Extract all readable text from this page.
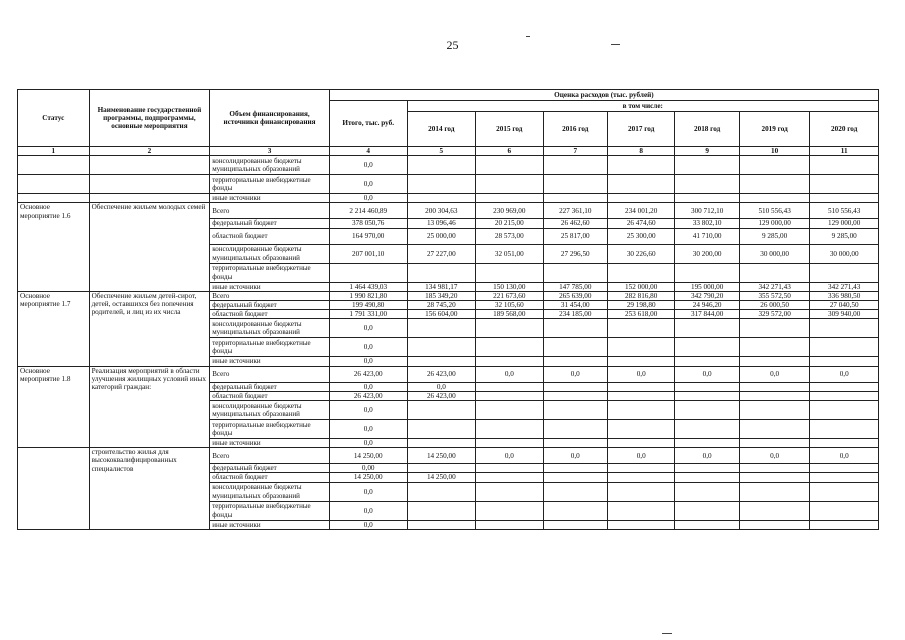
25
Статус	Наименование государственной программы, подпрограммы, основные мероприятия	Объем финансирования, источники финансирования	Оценка расходов (тыс. рублей)							
			Итого, тыс. руб.	в том числе:						
				2014 год	2015 год	2016 год	2017 год	2018 год	2019 год	2020 год
1	2	3	4	5	6	7	8	9	10	11
		консолидированные бюджеты муниципальных образований	0,0							
		территориальные внебюджетные фонды	0,0							
		иные источники	0,0							
Основное мероприятие 1.6	Обеспечение жильем молодых семей	Всего	2 214 460,89	200 304,63	230 969,00	227 361,10	234 001,20	300 712,10	510 556,43	510 556,43
		федеральный бюджет	378 050,76	13 096,46	20 215,00	26 462,60	26 474,60	33 802,10	129 000,00	129 000,00
		областной бюджет	164 970,00	25 000,00	28 573,00	25 817,00	25 300,00	41 710,00	9 285,00	9 285,00
		консолидированные бюджеты муниципальных образований	207 001,10	27 227,00	32 051,00	27 296,50	30 226,60	30 200,00	30 000,00	30 000,00
		территориальные внебюджетные фонды								
		иные источники	1 464 439,03	134 981,17	150 130,00	147 785,00	152 000,00	195 000,00	342 271,43	342 271,43
Основное мероприятие 1.7	Обеспечение жильем детей-сирот, детей, оставшихся без попечения родителей, и лиц из их числа	Всего	1 990 821,80	185 349,20	221 673,60	265 639,00	282 816,80	342 790,20	355 572,50	336 980,50
		федеральный бюджет	199 490,80	28 745,20	32 105,60	31 454,00	29 198,80	24 946,20	26 000,50	27 040,50
		областной бюджет	1 791 331,00	156 604,00	189 568,00	234 185,00	253 618,00	317 844,00	329 572,00	309 940,00
		консолидированные бюджеты муниципальных образований	0,0							
		территориальные внебюджетные фонды	0,0							
		иные источники	0,0							
Основное мероприятие 1.8	Реализация мероприятий в области улучшения жилищных условий иных категорий граждан:	Всего	26 423,00	26 423,00	0,0	0,0	0,0	0,0	0,0	0,0
		федеральный бюджет	0,0	0,0						
		областной бюджет	26 423,00	26 423,00						
		консолидированные бюджеты муниципальных образований	0,0							
		территориальные внебюджетные фонды	0,0							
		иные источники	0,0							
	строительство жилья для высококвалифицированных специалистов	Всего	14 250,00	14 250,00	0,0	0,0	0,0	0,0	0,0	0,0
		федеральный бюджет	0,00							
		областной бюджет	14 250,00	14 250,00						
		консолидированные бюджеты муниципальных образований	0,0							
		территориальные внебюджетные фонды	0,0							
		иные источники	0,0							
